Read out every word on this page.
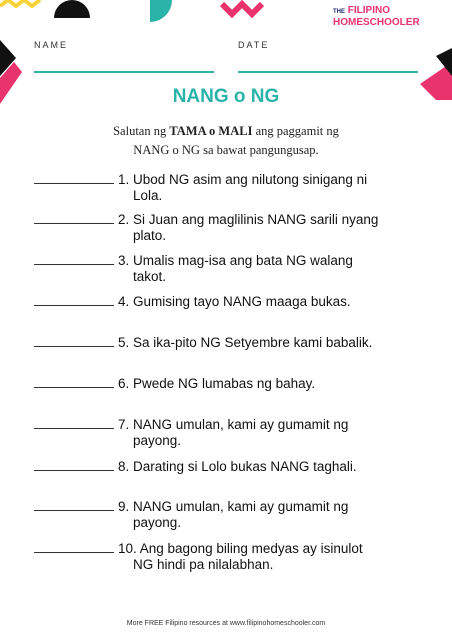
THE FILIPINO
HOMESCHOOLER
NAME	DATE
NANG o NG
Salutan ng TAMA o MALI ang paggamit ng
NANG o NG sa bawat pangungusap.
1. Ubod NG asim ang nilutong sinigang ni
Lola.
2. Si Juan ang maglilinis NANG sarili nyang
plato.
3. Umalis mag-isa ang bata NG walang
takot.
4. Gumising tayo NANG maaga bukas.
5. Sa ika-pito NG Setyembre kami babalik.
6. Pwede NG lumabas ng bahay.
7. NANG umulan, kami ay gumamit ng
payong.
8. Darating si Lolo bukas NANG taghali.
9. NANG umulan, kami ay gumamit ng
payong.
10. Ang bagong biling medyas ay isinulot
NG hindi pa nilalabhan.
More FREE Filipino resources at www.filipinohomeschooler.com
